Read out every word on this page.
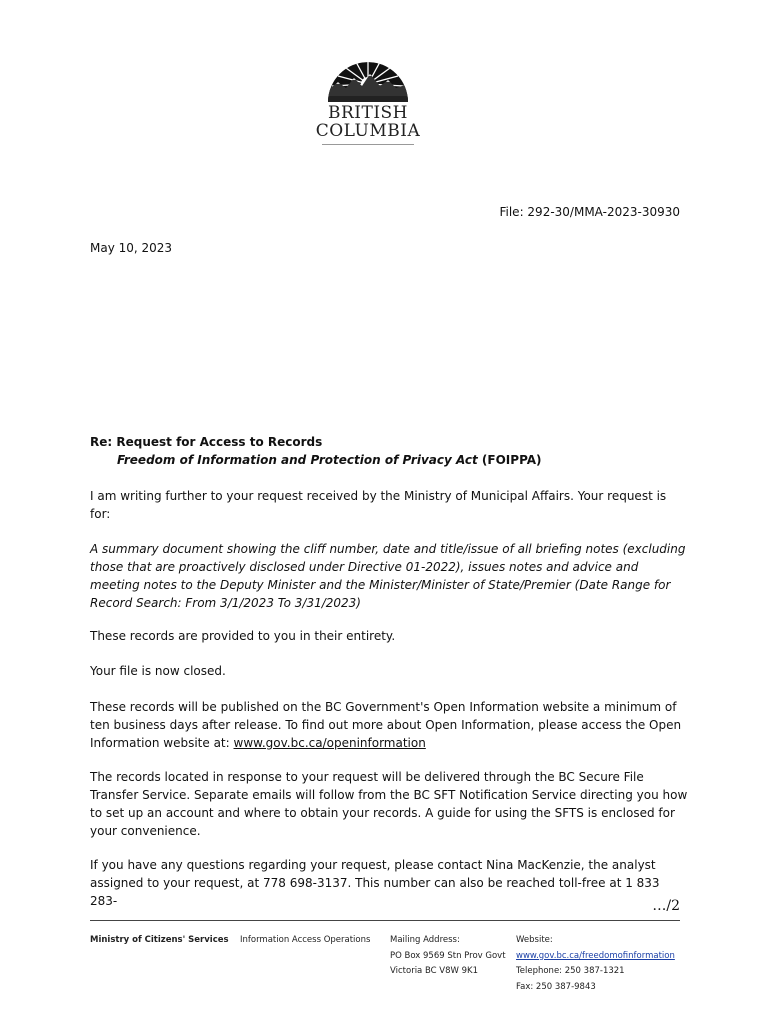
BRITISH
COLUMBIA
File: 292-30/MMA-2023-30930
May 10, 2023
Re: Request for Access to Records
Freedom of Information and Protection of Privacy Act (FOIPPA)
I am writing further to your request received by the Ministry of Municipal Affairs. Your request is for:
A summary document showing the cliff number, date and title/issue of all briefing notes (excluding those that are proactively disclosed under Directive 01-2022), issues notes and advice and meeting notes to the Deputy Minister and the Minister/Minister of State/Premier (Date Range for Record Search: From 3/1/2023 To 3/31/2023)
These records are provided to you in their entirety.
Your file is now closed.
These records will be published on the BC Government's Open Information website a minimum of ten business days after release. To find out more about Open Information, please access the Open Information website at: www.gov.bc.ca/openinformation
The records located in response to your request will be delivered through the BC Secure File Transfer Service. Separate emails will follow from the BC SFT Notification Service directing you how to set up an account and where to obtain your records. A guide for using the SFTS is enclosed for your convenience.
If you have any questions regarding your request, please contact Nina MacKenzie, the analyst assigned to your request, at 778 698-3137. This number can also be reached toll-free at 1 833 283-	…/2
Ministry of Citizens' Services Information Access Operations Mailing Address:
PO Box 9569 Stn Prov Govt
Victoria BC V8W 9K1
Website:
www.gov.bc.ca/freedomofinformation
Telephone: 250 387-1321
Fax: 250 387-9843
